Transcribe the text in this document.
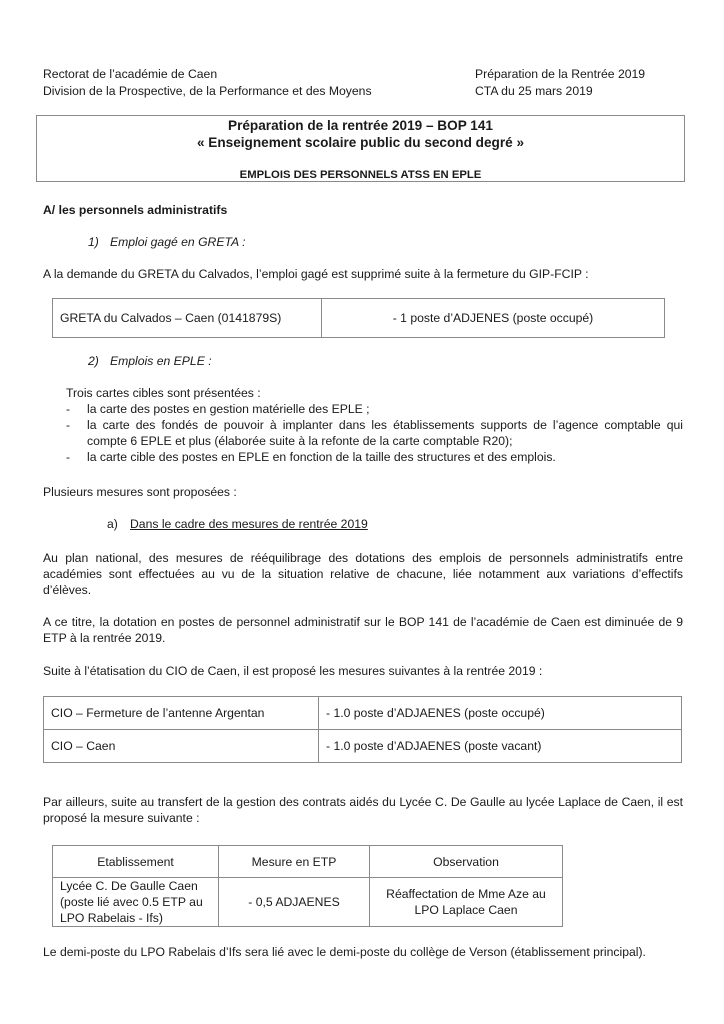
Rectorat de l’académie de Caen
Division de la Prospective, de la Performance et des Moyens
Préparation de la Rentrée 2019
CTA du 25 mars 2019
Préparation de la rentrée 2019 – BOP 141
« Enseignement scolaire public du second degré »
EMPLOIS DES PERSONNELS ATSS EN EPLE
A/ les personnels administratifs
1) Emploi gagé en GRETA :
A la demande du GRETA du Calvados, l’emploi gagé est supprimé suite à la fermeture du GIP-FCIP :
GRETA du Calvados – Caen (0141879S)	- 1 poste d’ADJENES (poste occupé)
2) Emplois en EPLE :
Trois cartes cibles sont présentées :
-	la carte des postes en gestion matérielle des EPLE ;
-	la carte des fondés de pouvoir à implanter dans les établissements supports de l’agence comptable qui compte 6 EPLE et plus (élaborée suite à la refonte de la carte comptable R20);
-	la carte cible des postes en EPLE en fonction de la taille des structures et des emplois.
Plusieurs mesures sont proposées :
a) Dans le cadre des mesures de rentrée 2019
Au plan national, des mesures de rééquilibrage des dotations des emplois de personnels administratifs entre académies sont effectuées au vu de la situation relative de chacune, liée notamment aux variations d’effectifs d’élèves.
A ce titre, la dotation en postes de personnel administratif sur le BOP 141 de l’académie de Caen est diminuée de 9 ETP à la rentrée 2019.
Suite à l’étatisation du CIO de Caen, il est proposé les mesures suivantes à la rentrée 2019 :
CIO – Fermeture de l’antenne Argentan	- 1.0 poste d’ADJAENES (poste occupé)
CIO – Caen	- 1.0 poste d’ADJAENES (poste vacant)
Par ailleurs, suite au transfert de la gestion des contrats aidés du Lycée C. De Gaulle au lycée Laplace de Caen, il est proposé la mesure suivante :
Etablissement	Mesure en ETP	Observation
Lycée C. De Gaulle Caen (poste lié avec 0.5 ETP au LPO Rabelais - Ifs)	- 0,5 ADJAENES	Réaffectation de Mme Aze au LPO Laplace Caen
Le demi-poste du LPO Rabelais d’Ifs sera lié avec le demi-poste du collège de Verson (établissement principal).
